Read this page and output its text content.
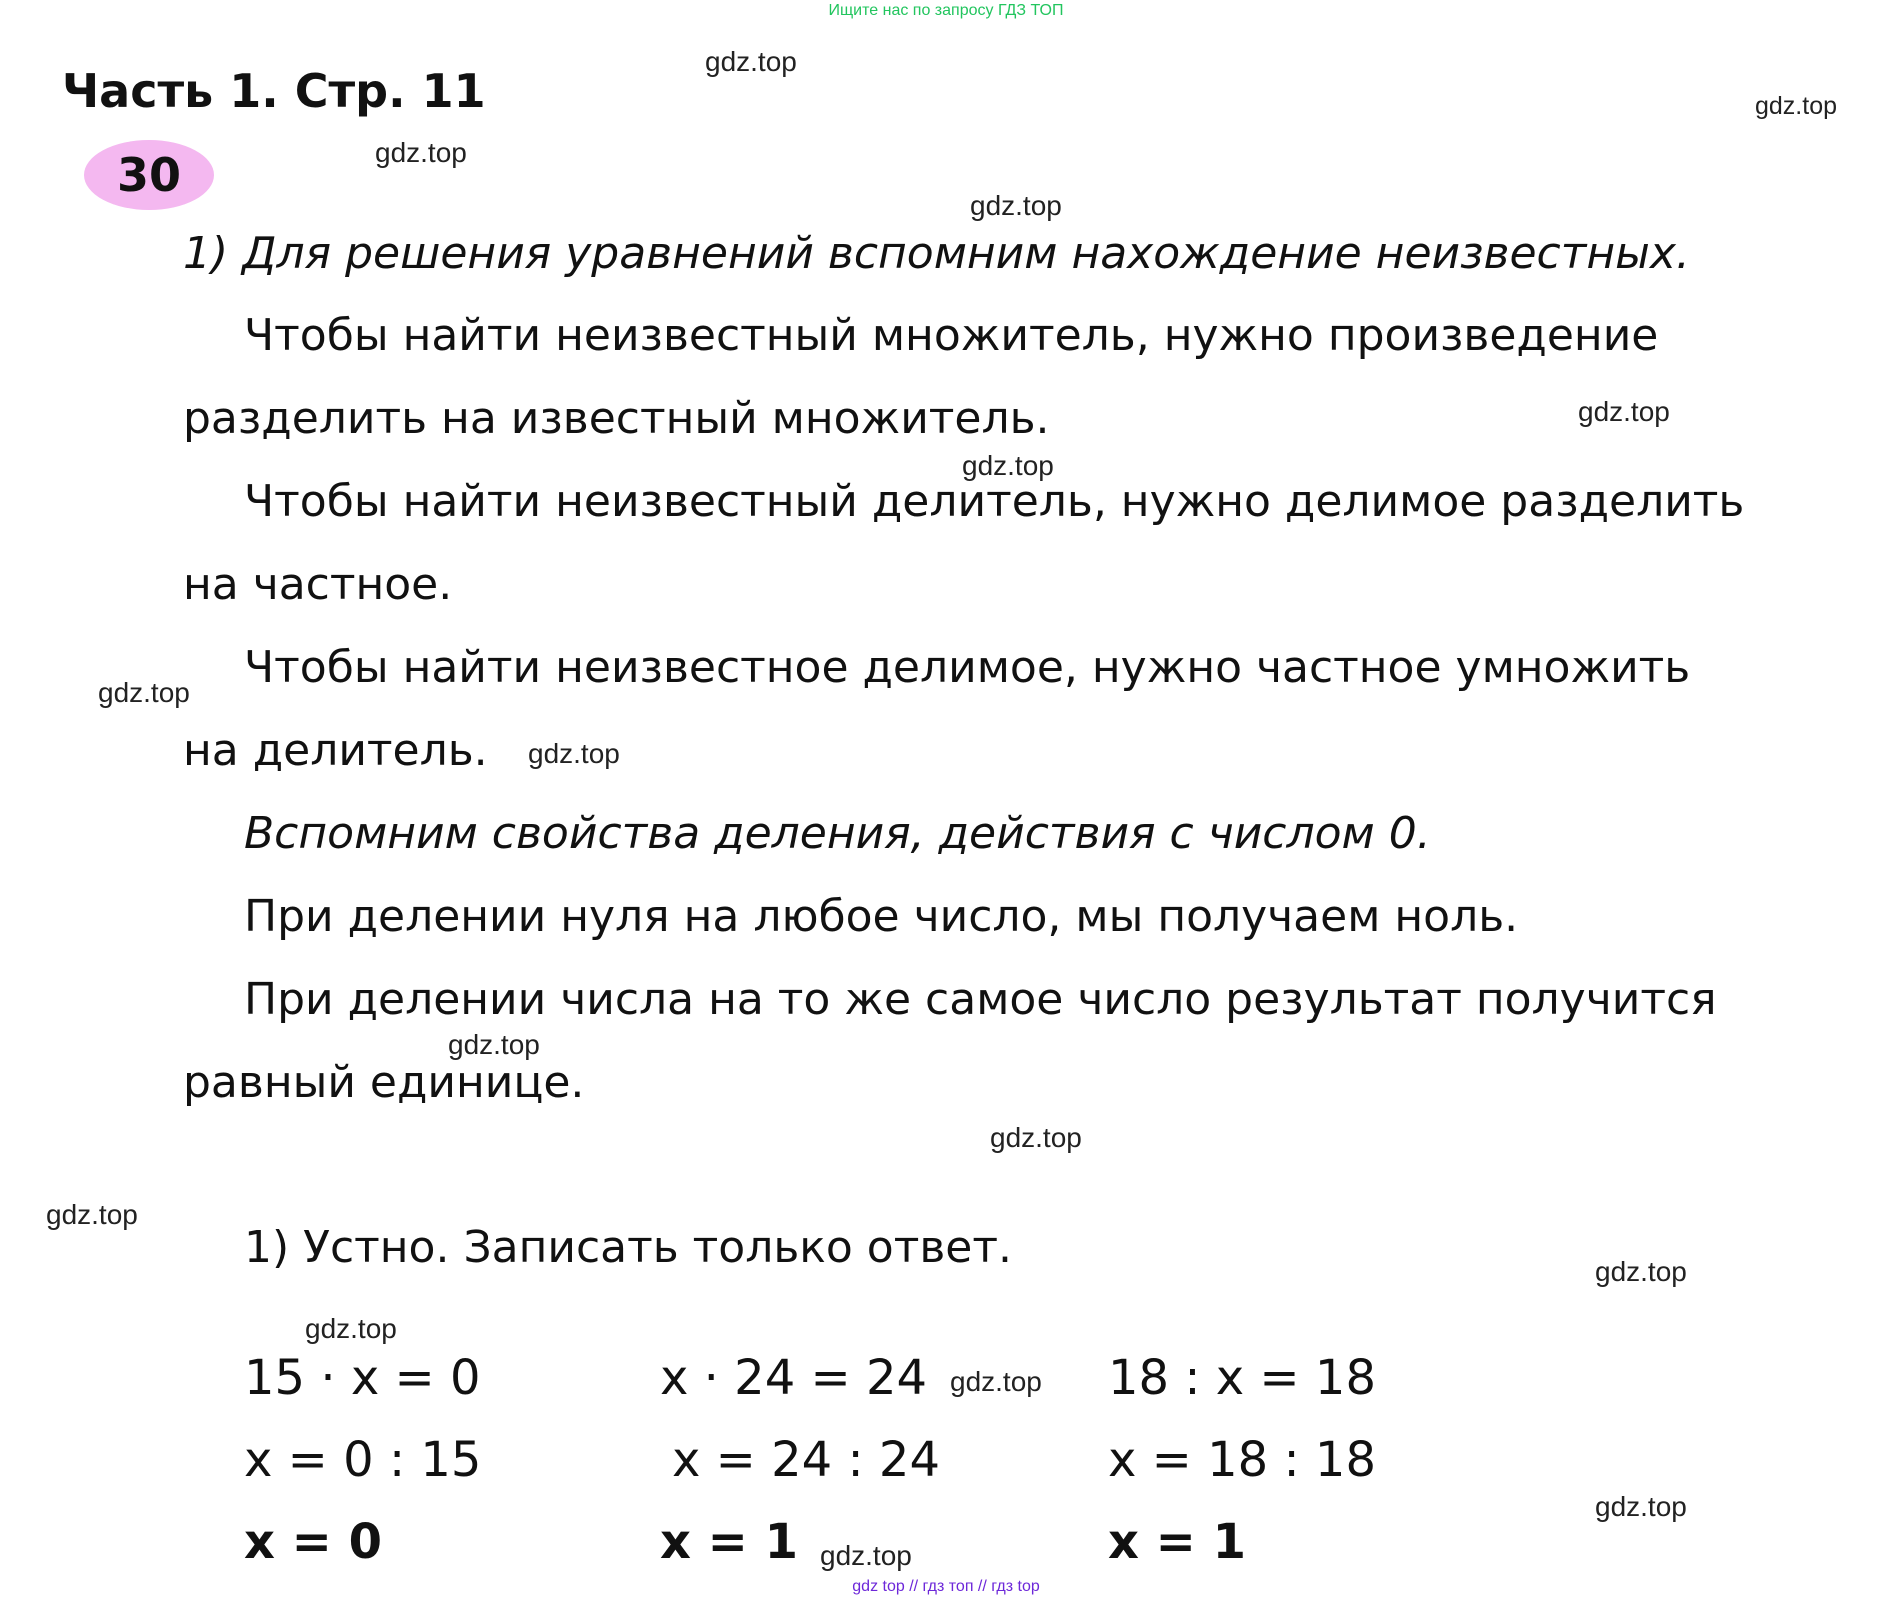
Ищите нас по запросу ГДЗ ТОП
Часть 1. Стр. 11
30
gdz.top
gdz.top
gdz.top
gdz.top
gdz.top
gdz.top
gdz.top
gdz.top
gdz.top
gdz.top
gdz.top
gdz.top
gdz.top
gdz.top
gdz.top
gdz.top
1) Для решения уравнений вспомним нахождение неизвестных.
Чтобы найти неизвестный множитель, нужно произведение
разделить на известный множитель.
Чтобы найти неизвестный делитель, нужно делимое разделить
на частное.
Чтобы найти неизвестное делимое, нужно частное умножить
на делитель.
Вспомним свойства деления, действия с числом 0.
При делении нуля на любое число, мы получаем ноль.
При делении числа на то же самое число результат получится
равный единице.
1) Устно. Записать только ответ.
15 · x = 0
x = 0 : 15
x = 0
x · 24 = 24
x = 24 : 24
x = 1
18 : x = 18
x = 18 : 18
x = 1
gdz top // гдз топ // гдз top
